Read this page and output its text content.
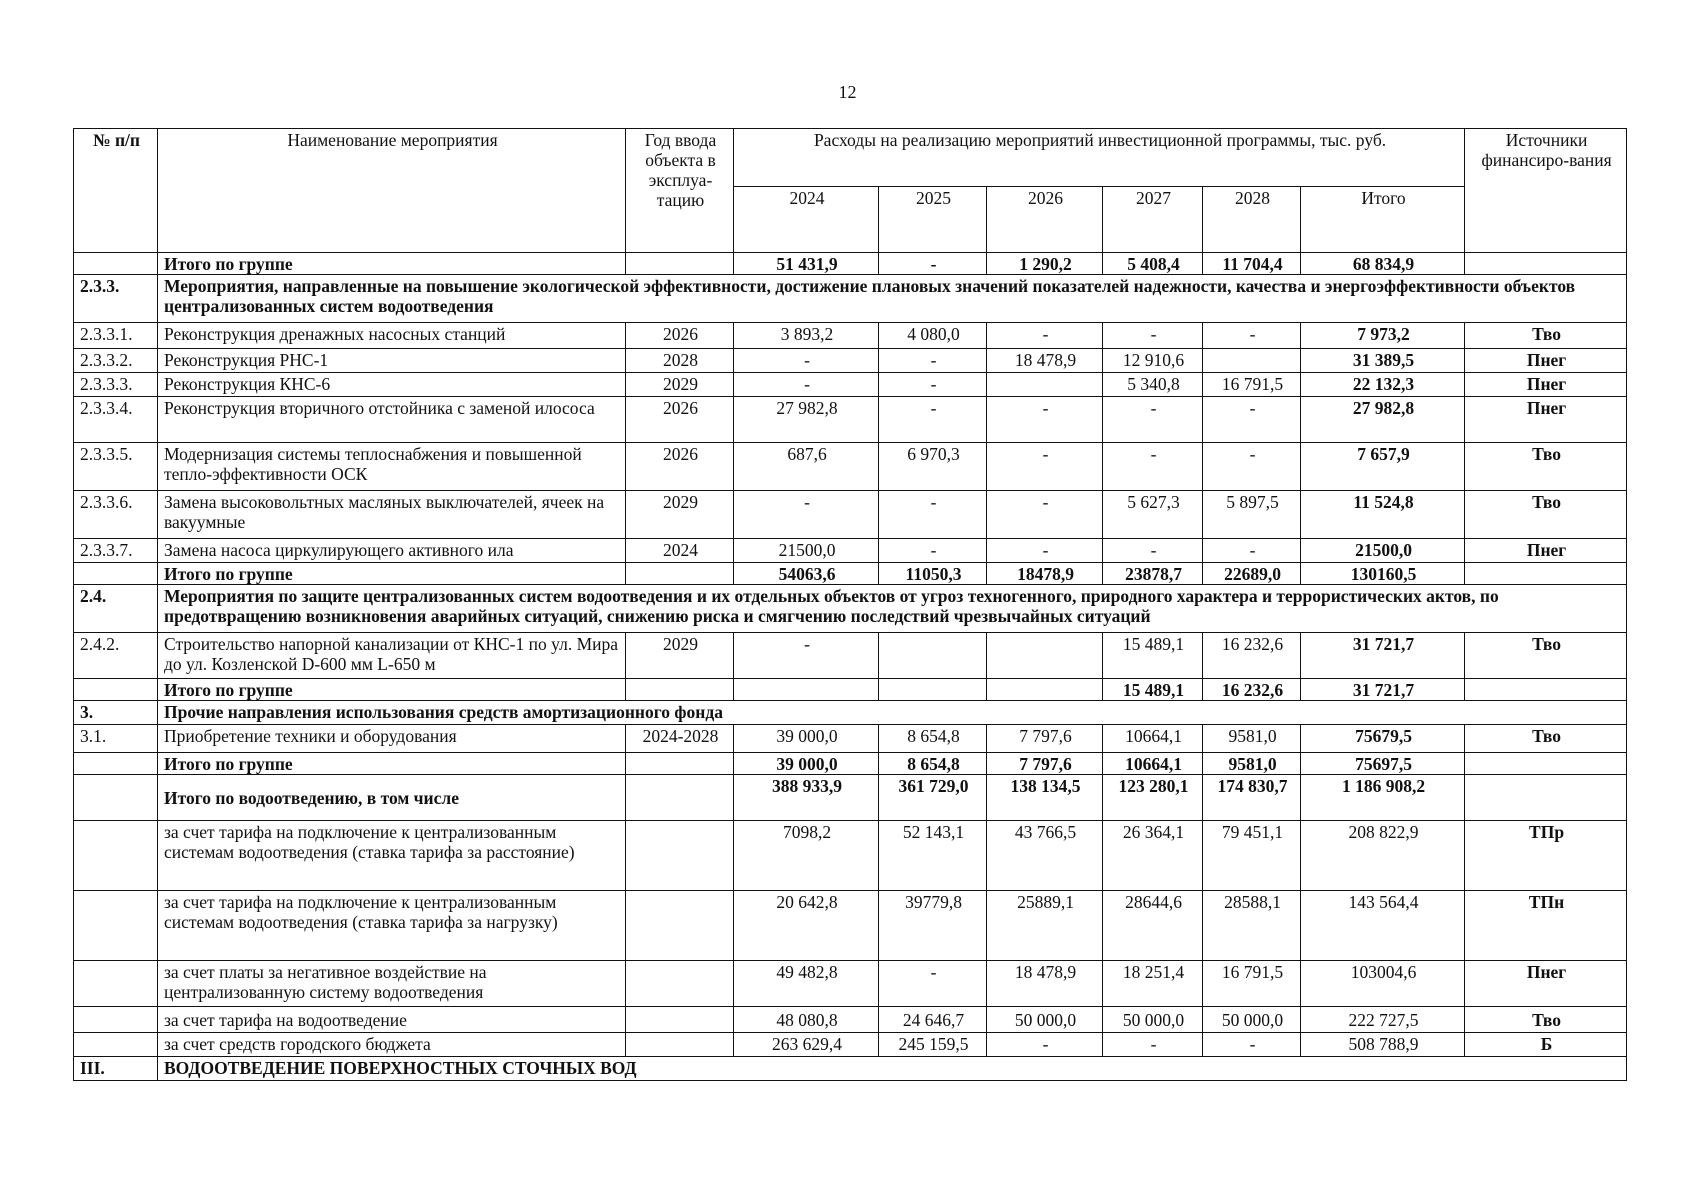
12
№ п/п	Наименование мероприятия	Год ввода объекта в эксплуа-тацию	Расходы на реализацию мероприятий инвестиционной программы, тыс. руб.						Источники финансиро-вания
			2024	2025	2026	2027	2028	Итого	
	Итого по группе		51 431,9	-	1 290,2	5 408,4	11 704,4	68 834,9	
2.3.3.	Мероприятия, направленные на повышение экологической эффективности, достижение плановых значений показателей надежности, качества и энергоэффективности объектов централизованных систем водоотведения								
2.3.3.1.	Реконструкция дренажных насосных станций	2026	3 893,2	4 080,0	-	-	-	7 973,2	Тво
2.3.3.2.	Реконструкция РНС-1	2028	-	-	18 478,9	12 910,6		31 389,5	Пнег
2.3.3.3.	Реконструкция КНС-6	2029	-	-		5 340,8	16 791,5	22 132,3	Пнег
2.3.3.4.	Реконструкция вторичного отстойника с заменой илососа	2026	27 982,8	-	-	-	-	27 982,8	Пнег
2.3.3.5.	Модернизация системы теплоснабжения и повышенной тепло-эффективности ОСК	2026	687,6	6 970,3	-	-	-	7 657,9	Тво
2.3.3.6.	Замена высоковольтных масляных выключателей, ячеек на вакуумные	2029	-	-	-	5 627,3	5 897,5	11 524,8	Тво
2.3.3.7.	Замена насоса циркулирующего активного ила	2024	21500,0	-	-	-	-	21500,0	Пнег
	Итого по группе		54063,6	11050,3	18478,9	23878,7	22689,0	130160,5	
2.4.	Мероприятия по защите централизованных систем водоотведения и их отдельных объектов от угроз техногенного, природного характера и террористических актов, по предотвращению возникновения аварийных ситуаций, снижению риска и смягчению последствий чрезвычайных ситуаций								
2.4.2.	Строительство напорной канализации от КНС-1 по ул. Мира до ул. Козленской D-600 мм L-650 м	2029	-			15 489,1	16 232,6	31 721,7	Тво
	Итого по группе					15 489,1	16 232,6	31 721,7	
3.	Прочие направления использования средств амортизационного фонда								
3.1.	Приобретение техники и оборудования	2024-2028	39 000,0	8 654,8	7 797,6	10664,1	9581,0	75679,5	Тво
	Итого по группе		39 000,0	8 654,8	7 797,6	10664,1	9581,0	75697,5	
	Итого по водоотведению, в том числе		388 933,9	361 729,0	138 134,5	123 280,1	174 830,7	1 186 908,2	
	за счет тарифа на подключение к централизованным системам водоотведения (ставка тарифа за расстояние)		7098,2	52 143,1	43 766,5	26 364,1	79 451,1	208 822,9	ТПр
	за счет тарифа на подключение к централизованным системам водоотведения (ставка тарифа за нагрузку)		20 642,8	39779,8	25889,1	28644,6	28588,1	143 564,4	ТПн
	за счет платы за негативное воздействие на централизованную систему водоотведения		49 482,8	-	18 478,9	18 251,4	16 791,5	103004,6	Пнег
	за счет тарифа на водоотведение		48 080,8	24 646,7	50 000,0	50 000,0	50 000,0	222 727,5	Тво
	за счет средств городского бюджета		263 629,4	245 159,5	-	-	-	508 788,9	Б
III.	ВОДООТВЕДЕНИЕ ПОВЕРХНОСТНЫХ СТОЧНЫХ ВОД								
